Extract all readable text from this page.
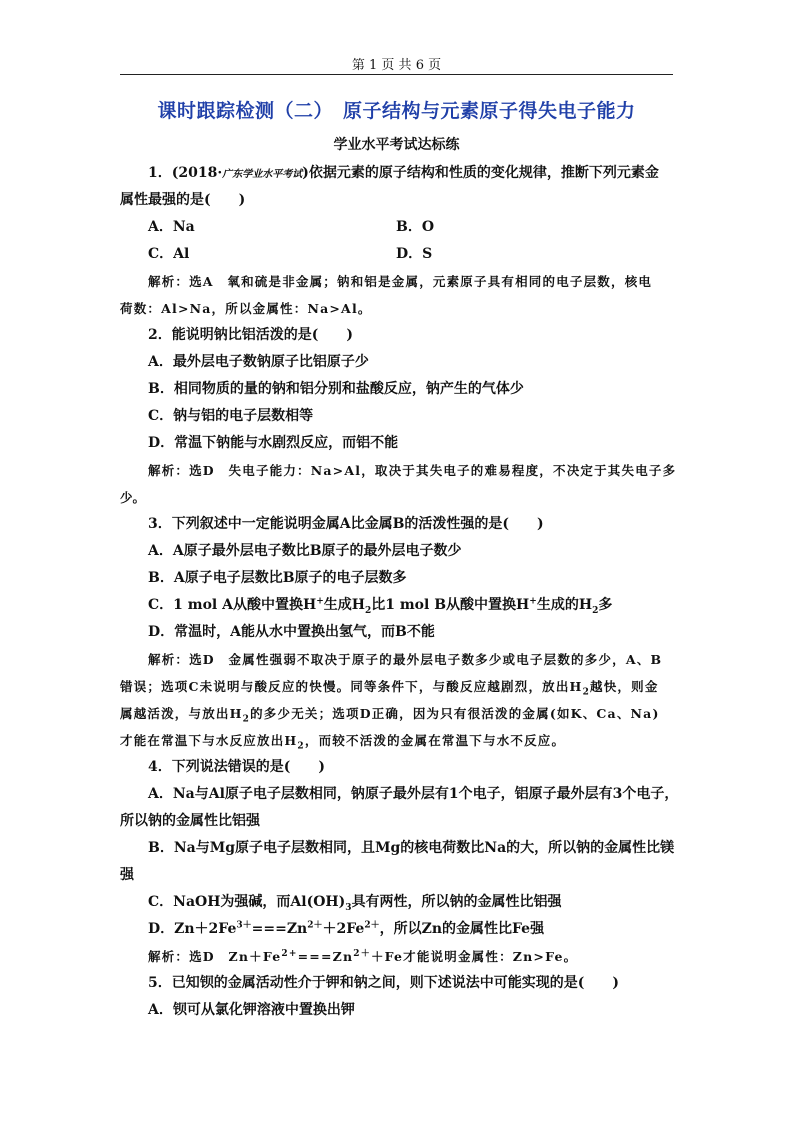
第 1 页 共 6 页
课时跟踪检测（二）　原子结构与元素原子得失电子能力
学业水平考试达标练
1．(2018·广东学业水平考试)依据元素的原子结构和性质的变化规律，推断下列元素金
属性最强的是(　　)
A．Na	B．O
C．Al	D．S
解析：选A　氧和硫是非金属；钠和铝是金属，元素原子具有相同的电子层数，核电
荷数：Al>Na，所以金属性：Na>Al。
2．能说明钠比铝活泼的是(　　)
A．最外层电子数钠原子比铝原子少
B．相同物质的量的钠和铝分别和盐酸反应，钠产生的气体少
C．钠与铝的电子层数相等
D．常温下钠能与水剧烈反应，而铝不能
解析：选D　失电子能力：Na>Al，取决于其失电子的难易程度，不决定于其失电子多
少。
3．下列叙述中一定能说明金属A比金属B的活泼性强的是(　　)
A．A原子最外层电子数比B原子的最外层电子数少
B．A原子电子层数比B原子的电子层数多
C．1 mol A从酸中置换H+生成$H_2$比1 mol B从酸中置换H+生成的$H_2$多
D．常温时，A能从水中置换出氢气，而B不能
解析：选D　金属性强弱不取决于原子的最外层电子数多少或电子层数的多少，A、B
错误；选项C未说明与酸反应的快慢。同等条件下，与酸反应越剧烈，放出$H_2$越快，则金
属越活泼，与放出$H_2$的多少无关；选项D正确，因为只有很活泼的金属(如K、Ca、Na)
才能在常温下与水反应放出$H_2$，而较不活泼的金属在常温下与水不反应。
4．下列说法错误的是(　　)
A．Na与Al原子电子层数相同，钠原子最外层有1个电子，铝原子最外层有3个电子，
所以钠的金属性比铝强
B．Na与Mg原子电子层数相同，且Mg的核电荷数比Na的大，所以钠的金属性比镁
强
C．NaOH为强碱，而$Al(OH)_3$具有两性，所以钠的金属性比铝强
D．$Zn+2Fe^{3+}===Zn^{2+}+2Fe^{2+}$，所以Zn的金属性比Fe强
解析：选D　$Zn+Fe^{2+}===Zn^{2+}+Fe$才能说明金属性：Zn>Fe。
5．已知钡的金属活动性介于钾和钠之间，则下述说法中可能实现的是(　　)
A．钡可从氯化钾溶液中置换出钾
